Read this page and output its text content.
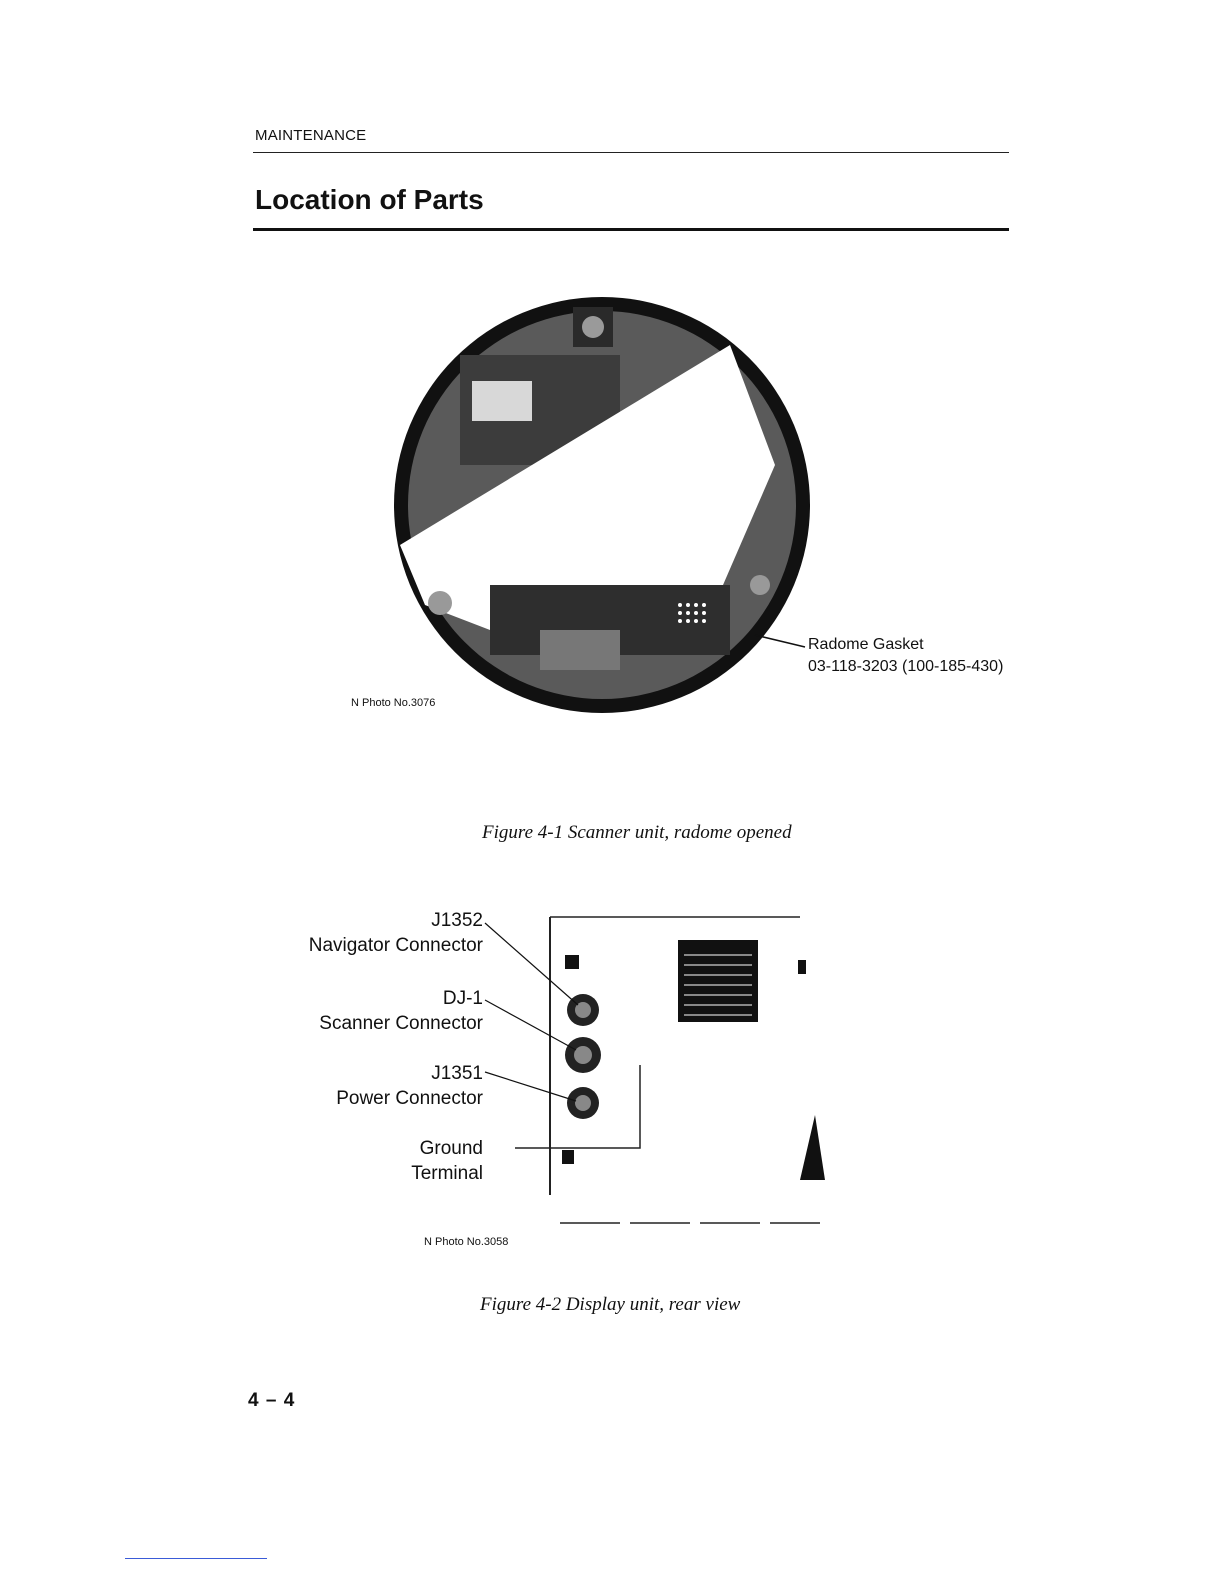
MAINTENANCE
Location of Parts
Radome Gasket
03-118-3203 (100-185-430)
N Photo No.3076
Figure 4-1 Scanner unit, radome opened
J1352
Navigator Connector
DJ-1
Scanner Connector
J1351
Power Connector
Ground
Terminal
N Photo No.3058
Figure 4-2 Display unit, rear view
4 – 4
